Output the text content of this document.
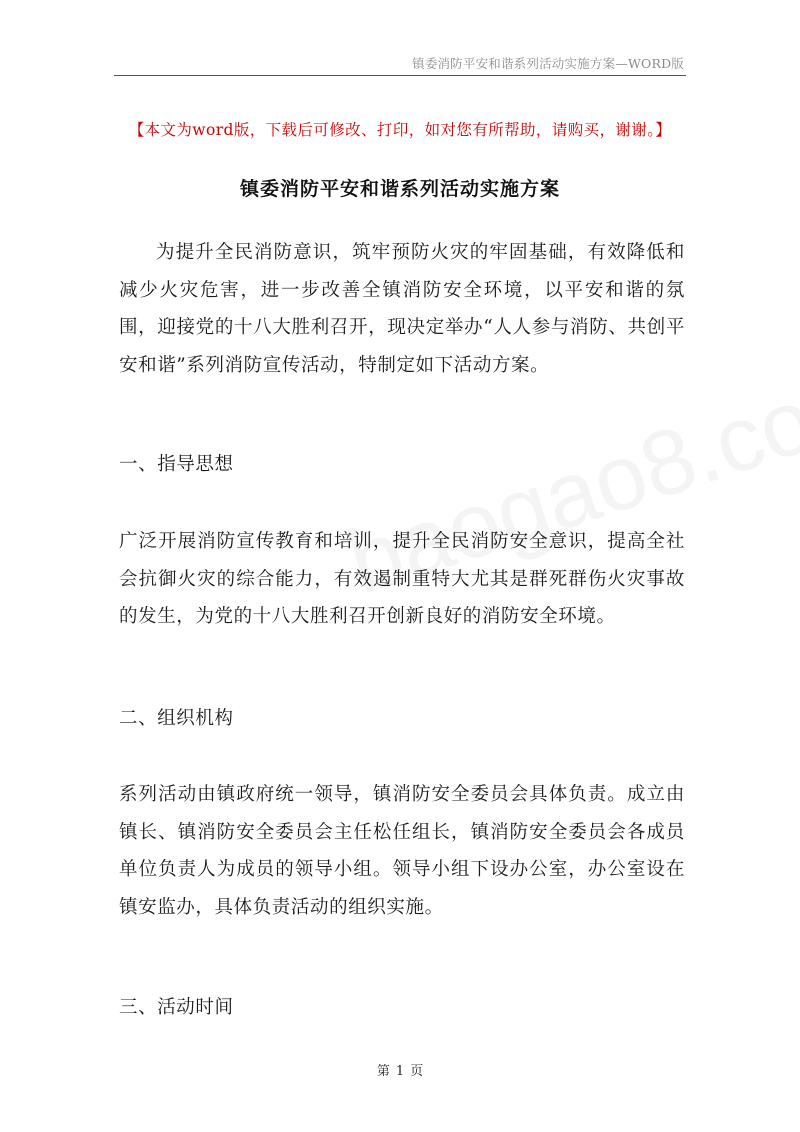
镇委消防平安和谐系列活动实施方案—WORD版
【本文为word版，下载后可修改、打印，如对您有所帮助，请购买，谢谢。】
镇委消防平安和谐系列活动实施方案

为提升全民消防意识，筑牢预防火灾的牢固基础，有效降低和减少火灾危害，进一步改善全镇消防安全环境，以平安和谐的氛围，迎接党的十八大胜利召开，现决定举办“人人参与消防、共创平安和谐”系列消防宣传活动，特制定如下活动方案。

一、指导思想

广泛开展消防宣传教育和培训，提升全民消防安全意识，提高全社会抗御火灾的综合能力，有效遏制重特大尤其是群死群伤火灾事故的发生，为党的十八大胜利召开创新良好的消防安全环境。

二、组织机构

系列活动由镇政府统一领导，镇消防安全委员会具体负责。成立由镇长、镇消防安全委员会主任松任组长，镇消防安全委员会各成员单位负责人为成员的领导小组。领导小组下设办公室，办公室设在镇安监办，具体负责活动的组织实施。

三、活动时间
第 1 页
